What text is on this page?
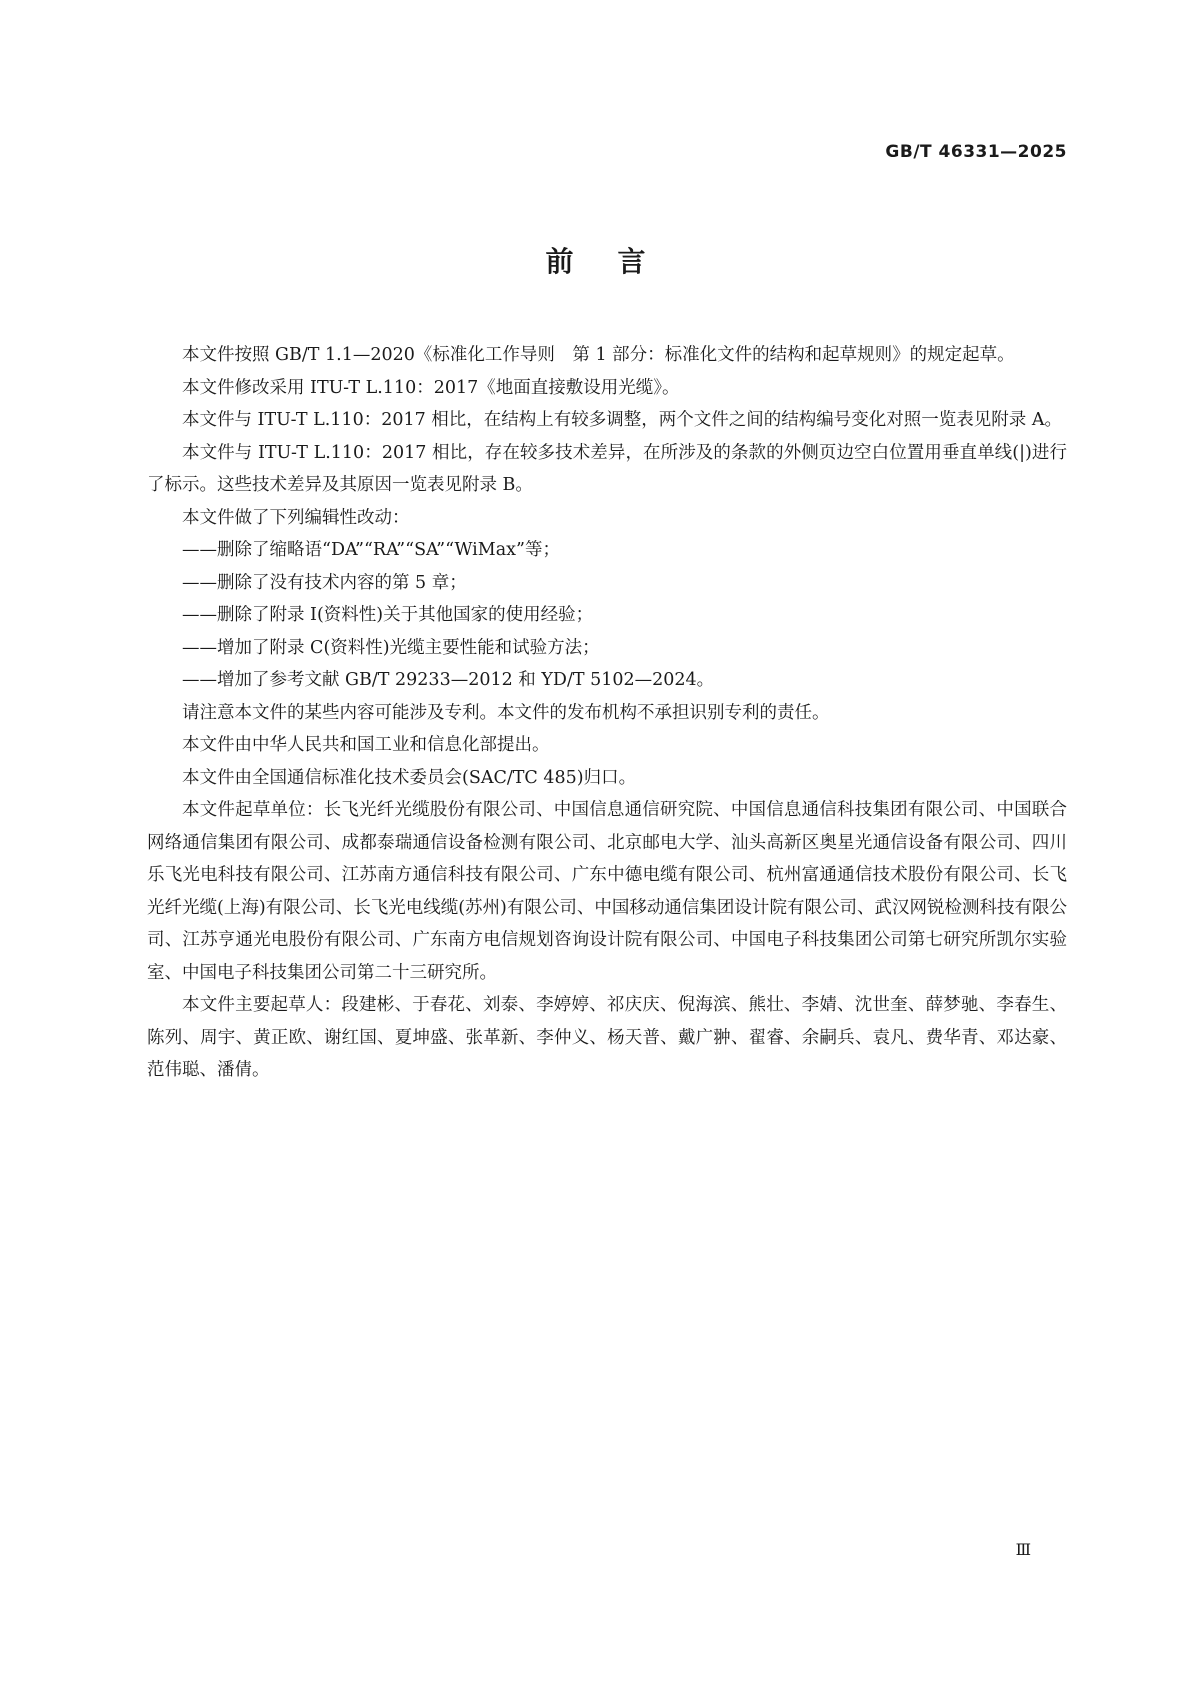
GB/T 46331—2025
前言

本文件按照 GB/T 1.1—2020《标准化工作导则　第 1 部分：标准化文件的结构和起草规则》的规定起草。

本文件修改采用 ITU-T L.110：2017《地面直接敷设用光缆》。

本文件与 ITU-T L.110：2017 相比，在结构上有较多调整，两个文件之间的结构编号变化对照一览表见附录 A。

本文件与 ITU-T L.110：2017 相比，存在较多技术差异，在所涉及的条款的外侧页边空白位置用垂直单线(|)进行了标示。这些技术差异及其原因一览表见附录 B。

本文件做了下列编辑性改动：

——删除了缩略语“DA”“RA”“SA”“WiMax”等；

——删除了没有技术内容的第 5 章；

——删除了附录 I(资料性)关于其他国家的使用经验；

——增加了附录 C(资料性)光缆主要性能和试验方法；

——增加了参考文献 GB/T 29233—2012 和 YD/T 5102—2024。

请注意本文件的某些内容可能涉及专利。本文件的发布机构不承担识别专利的责任。

本文件由中华人民共和国工业和信息化部提出。

本文件由全国通信标准化技术委员会(SAC/TC 485)归口。

本文件起草单位：长飞光纤光缆股份有限公司、中国信息通信研究院、中国信息通信科技集团有限公司、中国联合网络通信集团有限公司、成都泰瑞通信设备检测有限公司、北京邮电大学、汕头高新区奥星光通信设备有限公司、四川乐飞光电科技有限公司、江苏南方通信科技有限公司、广东中德电缆有限公司、杭州富通通信技术股份有限公司、长飞光纤光缆(上海)有限公司、长飞光电线缆(苏州)有限公司、中国移动通信集团设计院有限公司、武汉网锐检测科技有限公司、江苏亨通光电股份有限公司、广东南方电信规划咨询设计院有限公司、中国电子科技集团公司第七研究所凯尔实验室、中国电子科技集团公司第二十三研究所。

本文件主要起草人：段建彬、于春花、刘泰、李婷婷、祁庆庆、倪海滨、熊壮、李婧、沈世奎、薛梦驰、李春生、陈列、周宇、黄正欧、谢红国、夏坤盛、张革新、李仲义、杨天普、戴广翀、翟睿、余嗣兵、袁凡、费华青、邓达豪、范伟聪、潘倩。

Ⅲ
